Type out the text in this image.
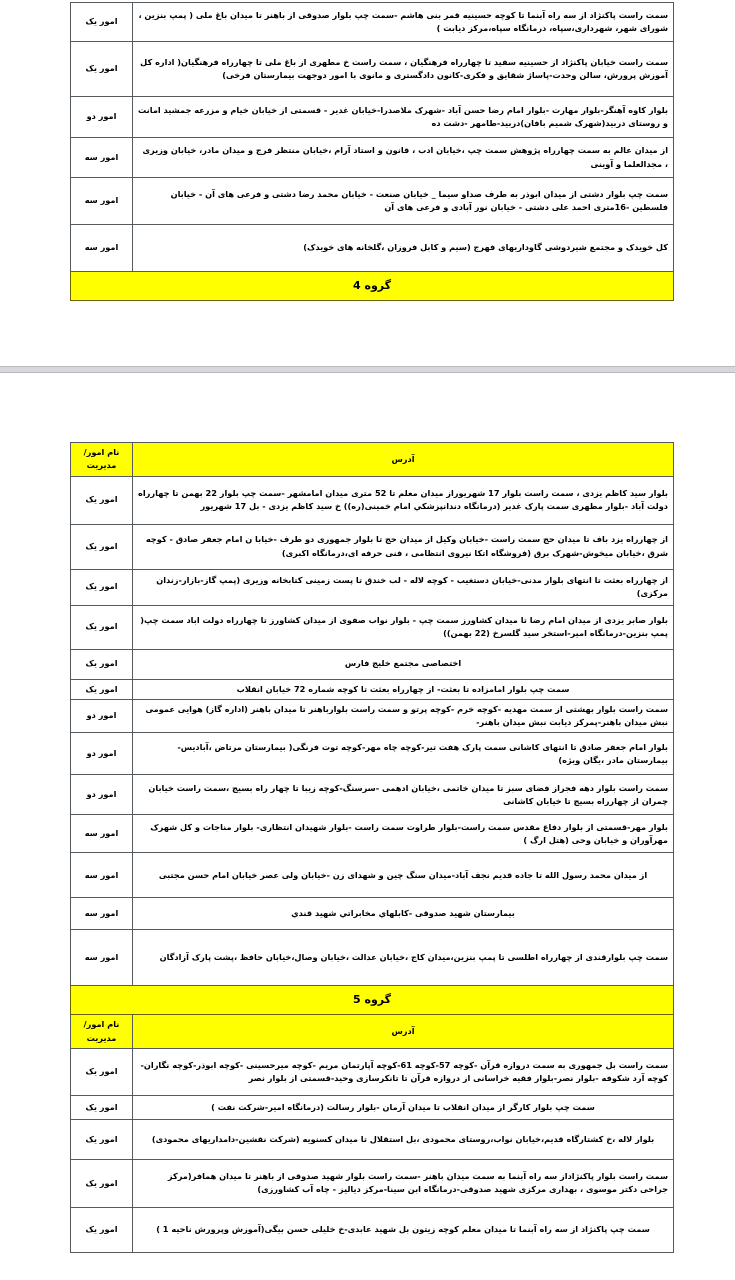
سمت راست پاکنژاد از سه راه آبنما تا کوچه حسینیه قمر بنی هاشم -سمت چپ بلوار صدوقی از باهنر تا میدان باغ ملی ( پمپ بنزین ، شورای شهر، شهرداری،سپاه، درمانگاه سپاه،مرکز دیابت )	امور یک
سمت راست خیابان پاکنژاد از حسینیه سفید تا چهارراه فرهنگیان ، سمت راست خ مطهری از باغ ملی تا چهارراه فرهنگیان( اداره کل آموزش پرورش، سالن وحدت-پاساژ شقایق و فکری-کانون دادگستری و مانوی با امور دوجهت بیمارستان فرخی)	امور یک
بلوار کاوه آهنگر-بلوار مهارت -بلوار امام رضا حسن آباد -شهرک ملاصدرا-خیابان غدیر - قسمتی از خیابان خیام و مزرعه جمشید امانت و روستای دربید(شهرک شمیم بافان)دربید-طامهر -دشت ده	امور دو
از میدان عالم به سمت چهارراه پژوهش سمت چپ ،خیابان ادب ، قانون و استاد آرام ،خیابان منتظر فرج و میدان مادر، خیابان وزیری ، مجدالعلما و آوینی	امور سه
سمت چپ بلوار دشتی از میدان ابوذر به طرف صداو سیما _ خیابان صنعت - خیابان محمد رضا دشتی و فرعی های آن - خیابان فلسطین -16متری احمد علی دشتی - خیابان نور آبادی و فرعی های آن	امور سه
کل خویدک و مجتمع شیردوشی گاوداریهای فهرج (سیم و کابل فروزان ،گلخانه های خویدک)	امور سه
گروه 4	
آدرس	نام امور/مدیریت
بلوار سید کاظم یزدی ، سمت راست بلوار 17 شهریوراز میدان معلم تا 52 متری میدان امامشهر -سمت چپ بلوار 22 بهمن تا چهارراه دولت آباد -بلوار مطهری سمت پارک غدیر (درمانگاه دندانپزشکي امام خمینی(ره)) خ سید کاظم یزدی - بل 17 شهریور	امور یک
از چهارراه یزد باف تا میدان حج سمت راست -خیابان وکیل از میدان حج تا بلوار جمهوری دو طرف -خیابا ن امام جعفر صادق - کوچه شرق ،خیابان میخوش-شهرک برق (فروشگاه اتکا نیروی انتظامی ، فنی حرفه ای،درمانگاه اکبری)	امور یک
از چهارراه بعثت تا انتهای بلوار مدنی-خیابان دستغیب - کوچه لاله - لب خندق تا پست زمینی کتابخانه وزیری (پمپ گاز-بازار-زندان مرکزی)	امور یک
بلوار صابر یزدی از میدان امام رضا تا میدان کشاورز سمت چپ - بلوار نواب صفوی از میدان کشاورز تا چهارراه دولت اباد سمت چپ( پمپ بنزین-درمانگاه امیر-استخر سید گلسرخ (22 بهمن))	امور یک
اختصاصی مجتمع خلیج فارس	امور یک
سمت چپ بلوار امامزاده تا بعثت- از چهارراه بعثت تا کوچه شماره 72 خیابان انقلاب	امور یک
سمت راست بلوار بهشتی از سمت مهدیه -کوچه خرم -کوچه پرتو و سمت راست بلوارباهنر تا میدان باهنر (اداره گاز) هوایی عمومی نبش میدان باهنر-پمرکز دیابت نبش میدان باهنر-	امور دو
بلوار امام جعفر صادق تا انتهای کاشانی سمت پارک هفت تیر-کوچه چاه مهر-کوچه توت فرنگی( بیمارستان مرتاض ،آبادیس-بیمارستان مادر ،یگان ویژه)	امور دو
سمت راست بلوار دهه فجراز فضای سبز تا میدان خاتمی ،خیابان ادهمی -سرسنگ-کوچه زیبا تا چهار راه بسیج ،سمت راست خیابان چمران از چهارراه بسیج تا خیابان کاشانی	امور دو
بلوار مهر-قسمتی از بلوار دفاع مقدس سمت راست-بلوار طراوت سمت راست -بلوار شهیدان انتظاری- بلوار مناجات و کل شهرک مهرآوران و خیابان وحی (هتل ارگ )	امور سه
از میدان محمد رسول الله تا جاده قدیم نجف آباد-میدان سنگ چین و شهدای زن -خیابان ولی عصر خیابان امام حسن مجتبی	امور سه
بیمارستان شهید صدوقی -کابلهاي مخابراتي شهید قندي	امور سه
سمت چپ بلوارقندی از چهارراه اطلسی تا پمپ بنزین،میدان کاج ،خیابان عدالت ،خیابان وصال،خیابان حافظ ،پشت پارک آزادگان	امور سه
گروه 5	
آدرس	نام امور/مدیریت
سمت راست بل جمهوری به سمت دروازه قرآن -کوچه 57-کوچه 61-کوچه آپارتمان مریم -کوچه میرحسینی -کوچه ابوذر-کوچه نگاران-کوچه آرد شکوفه -بلوار نصر-بلوار فقیه خراسانی از دروازه قرآن تا تانکرسازی وحید-قسمتی از بلوار نصر	امور یک
سمت چپ بلوار کارگر از میدان انقلاب تا میدان آرمان -بلوار رسالت (درمانگاه امیر-شرکت نفت )	امور یک
بلوار لاله ،خ کشتارگاه قدیم،خیابان نواب،روستای محمودی ،بل استقلال تا میدان کسنویه (شرکت نقشین-دامداریهای محمودی)	امور یک
سمت راست بلوار پاکنژاداز سه راه آبنما به سمت میدان باهنر -سمت راست بلوار شهید صدوقی از باهنر تا میدان همافر(مرکز جراحی دکتر موسوی ، بهداری مرکزی شهید صدوقی-درمانگاه ابن سینا-مرکز دیالیز - چاه آب کشاورزی)	امور یک
سمت چپ پاکنژاد از سه راه آبنما تا میدان معلم کوچه زیتون بل شهید عابدی-خ خلیلی حسن بیگی(آموزش وپرورش ناحیه 1 )	امور یک
